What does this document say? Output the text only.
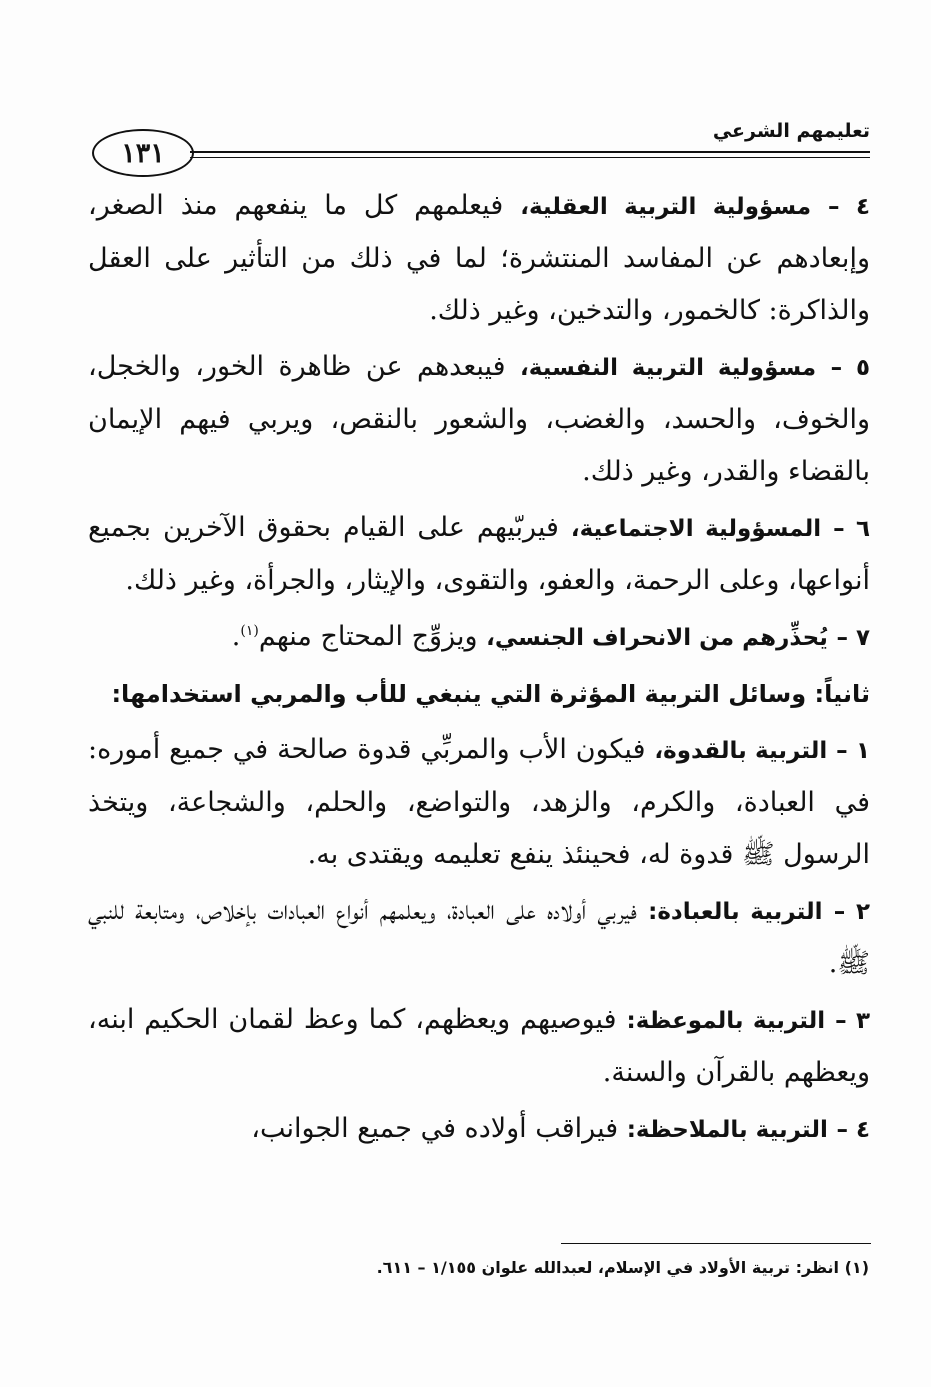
١٣١
تعليمهم الشرعي

٤ – مسؤولية التربية العقلية، فيعلمهم كل ما ينفعهم منذ الصغر، وإبعادهم عن المفاسد المنتشرة؛ لما في ذلك من التأثير على العقل والذاكرة: كالخمور، والتدخين، وغير ذلك.

٥ – مسؤولية التربية النفسية، فيبعدهم عن ظاهرة الخور، والخجل، والخوف، والحسد، والغضب، والشعور بالنقص، ويربي فيهم الإيمان بالقضاء والقدر، وغير ذلك.

٦ – المسؤولية الاجتماعية، فيربّيهم على القيام بحقوق الآخرين بجميع أنواعها، وعلى الرحمة، والعفو، والتقوى، والإيثار، والجرأة، وغير ذلك.

٧ – يُحذِّرهم من الانحراف الجنسي، ويزوِّج المحتاج منهم$^{(١)}$.

ثانياً: وسائل التربية المؤثرة التي ينبغي للأب والمربي استخدامها:

١ – التربية بالقدوة، فيكون الأب والمربِّي قدوة صالحة في جميع أموره: في العبادة، والكرم، والزهد، والتواضع، والحلم، والشجاعة، ويتخذ الرسول ﷺ قدوة له، فحينئذ ينفع تعليمه ويقتدى به.

٢ – التربية بالعبادة: فيربي أولاده على العبادة، ويعلمهم أنواع العبادات بإخلاص، ومتابعة للنبي ﷺ.

٣ – التربية بالموعظة: فيوصيهم ويعظهم، كما وعظ لقمان الحكيم ابنه، ويعظهم بالقرآن والسنة.

٤ – التربية بالملاحظة: فيراقب أولاده في جميع الجوانب،

(١) انظر: تربية الأولاد في الإسلام، لعبدالله علوان ١/١٥٥ – ٦١١.
